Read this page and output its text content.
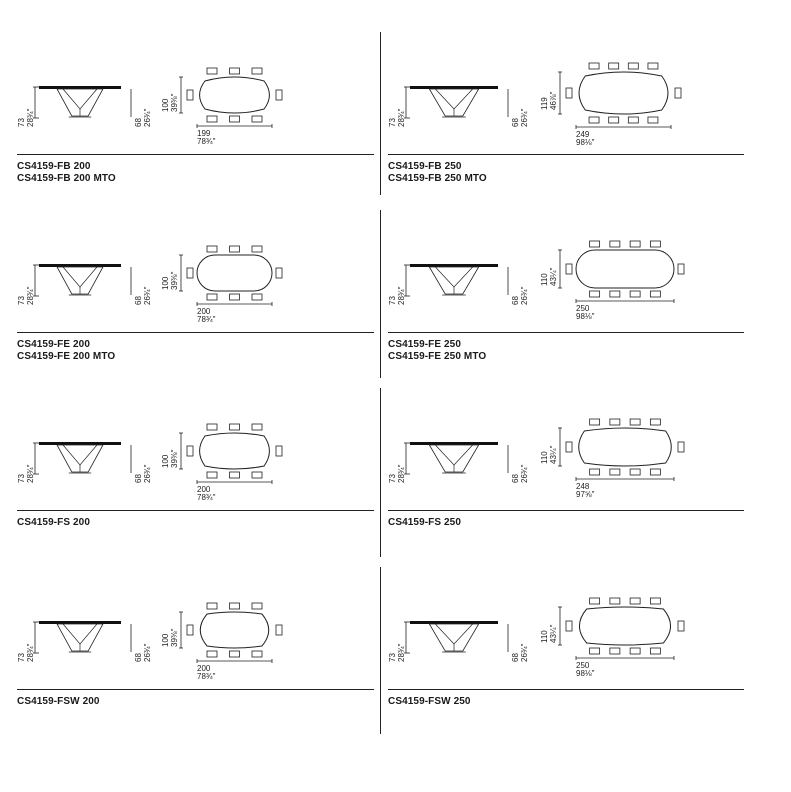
73 28¾"	68 26¾"
100 39⅜"
199
78¾"
CS4159-FB 200
CS4159-FB 200 MTO
73 28¾"	68 26¾"
119 46⅞"
249
98⅛"
CS4159-FB 250
CS4159-FB 250 MTO
73 28¾"	68 26¾"
100 39⅜"
200
78¾"
CS4159-FE 200
CS4159-FE 200 MTO
73 28¾"	68 26¾"
110 43¼"
250
98⅛"
CS4159-FE 250
CS4159-FE 250 MTO
73 28¾"	68 26¾"
100 39⅜"
200
78¾"
CS4159-FS 200
73 28¾"	68 26¾"
110 43¼"
248
97⅝"
CS4159-FS 250
73 28¾"	68 26¾"
100 39⅜"
200
78¾"
CS4159-FSW 200
73 28¾"	68 26¾"
110 43¼"
250
98⅛"
CS4159-FSW 250
